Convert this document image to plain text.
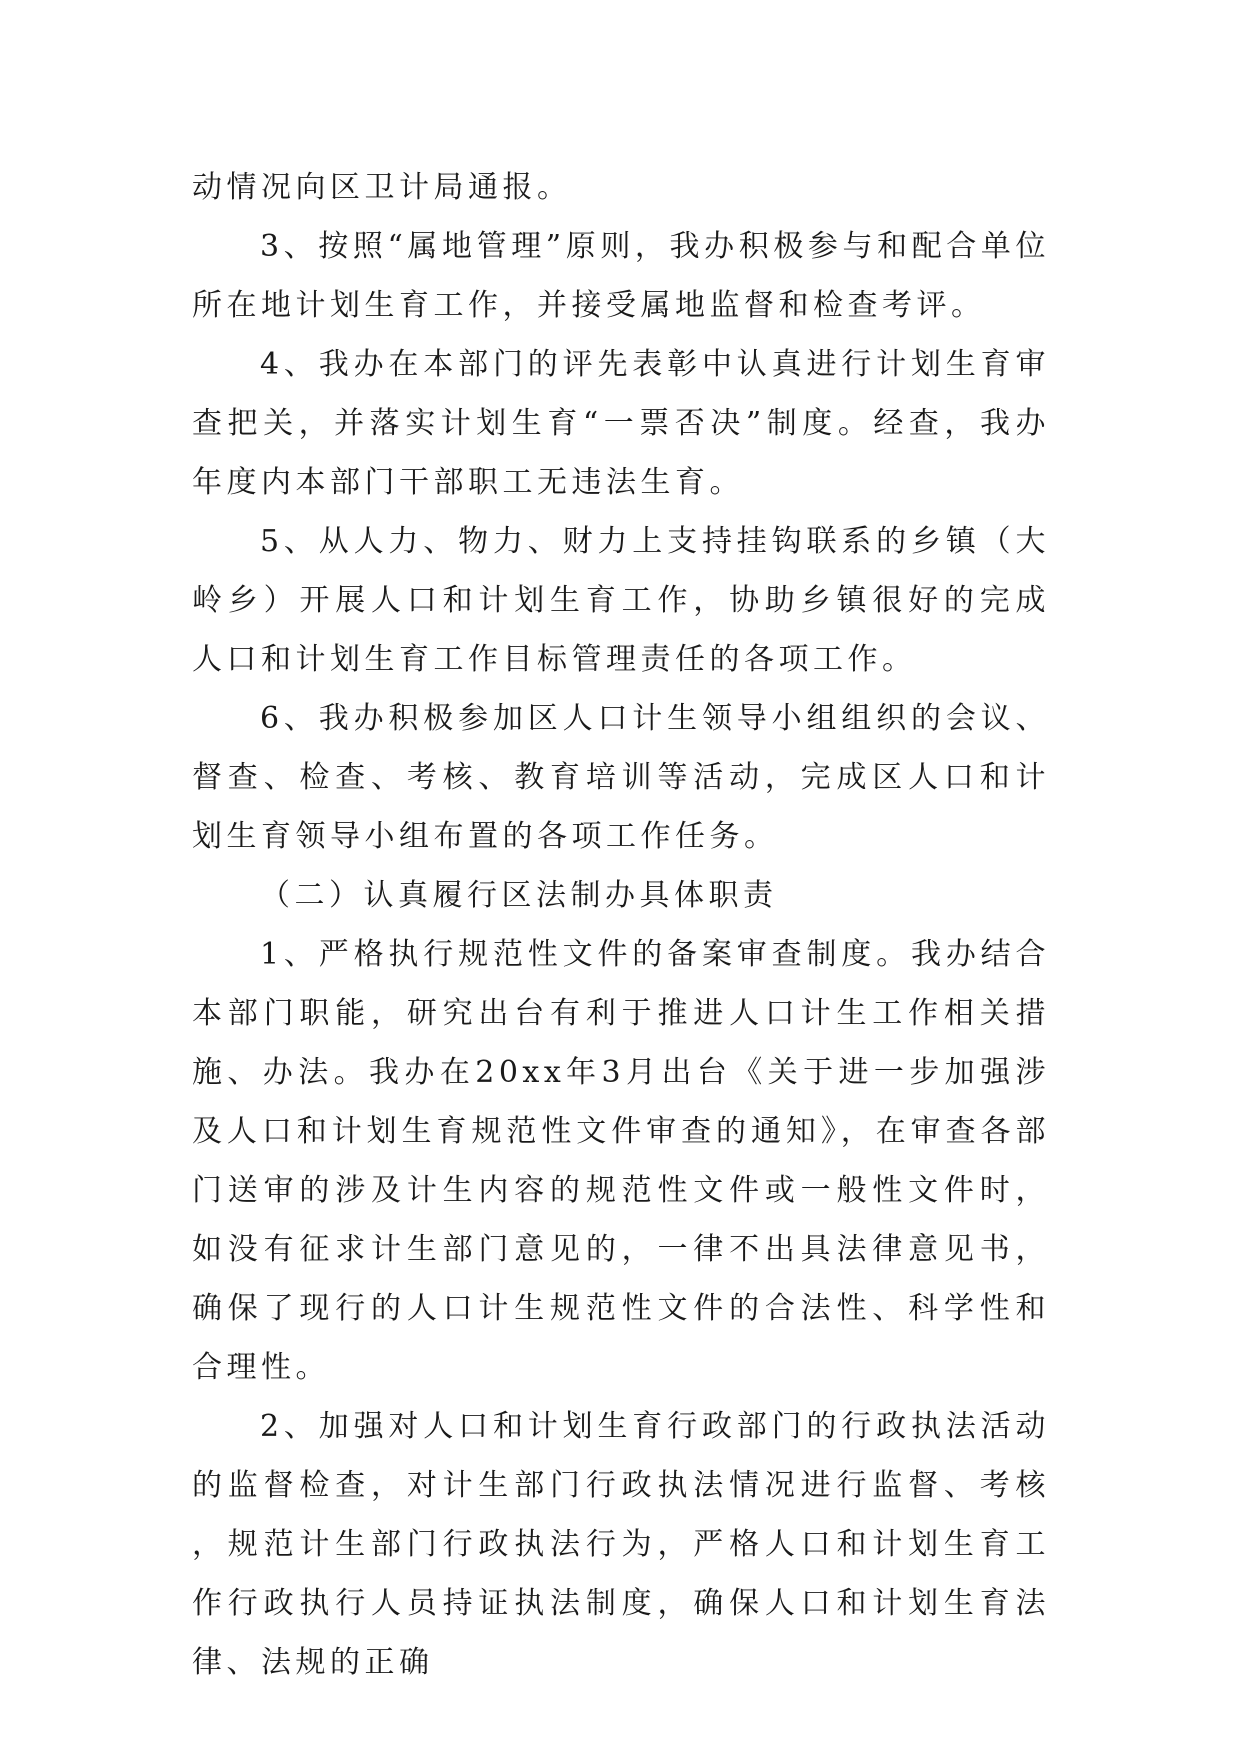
动情况向区卫计局通报。

3、按照“属地管理”原则，我办积极参与和配合单位所在地计划生育工作，并接受属地监督和检查考评。

4、我办在本部门的评先表彰中认真进行计划生育审查把关，并落实计划生育“一票否决”制度。经查，我办年度内本部门干部职工无违法生育。

5、从人力、物力、财力上支持挂钩联系的乡镇（大岭乡）开展人口和计划生育工作，协助乡镇很好的完成人口和计划生育工作目标管理责任的各项工作。

6、我办积极参加区人口计生领导小组组织的会议、督查、检查、考核、教育培训等活动，完成区人口和计划生育领导小组布置的各项工作任务。

（二）认真履行区法制办具体职责

1、严格执行规范性文件的备案审查制度。我办结合本部门职能，研究出台有利于推进人口计生工作相关措施、办法。我办在20xx年3月出台《关于进一步加强涉及人口和计划生育规范性文件审查的通知》，在审查各部门送审的涉及计生内容的规范性文件或一般性文件时，如没有征求计生部门意见的，一律不出具法律意见书，确保了现行的人口计生规范性文件的合法性、科学性和合理性。

2、加强对人口和计划生育行政部门的行政执法活动的监督检查，对计生部门行政执法情况进行监督、考核，规范计生部门行政执法行为，严格人口和计划生育工作行政执行人员持证执法制度，确保人口和计划生育法律、法规的正确
